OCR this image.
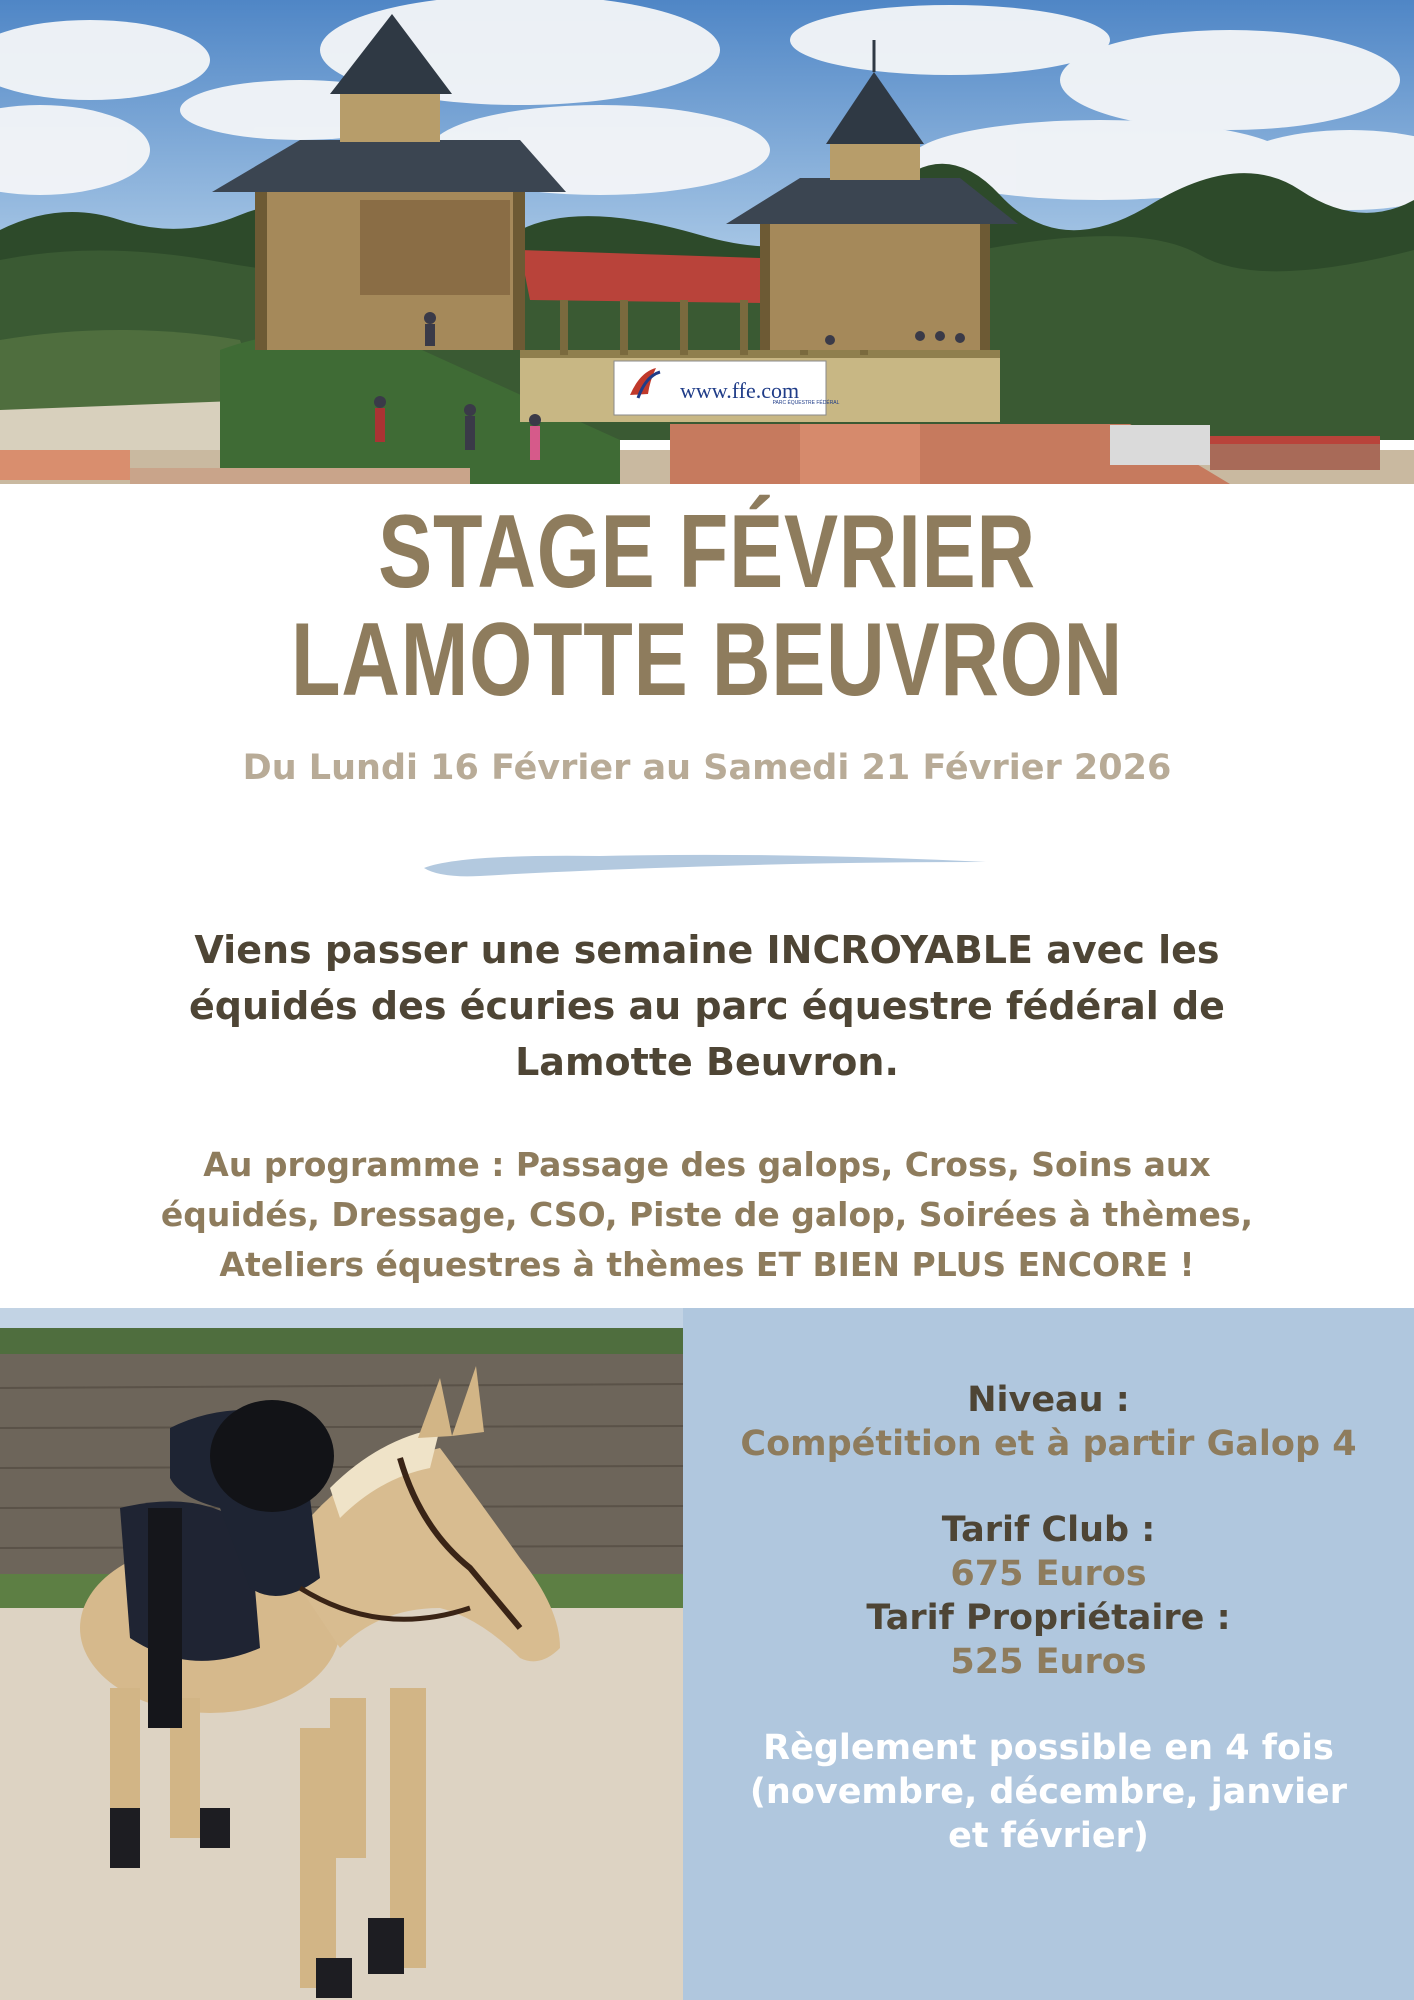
www.ffe.com
PARC ÉQUESTRE FÉDÉRAL
STAGE FÉVRIER
LAMOTTE BEUVRON
Du Lundi 16 Février au Samedi 21 Février 2026
Viens passer une semaine INCROYABLE avec les équidés des écuries au parc équestre fédéral de Lamotte Beuvron.
Au programme : Passage des galops, Cross, Soins aux équidés, Dressage, CSO, Piste de galop, Soirées à thèmes, Ateliers équestres à thèmes ET BIEN PLUS ENCORE !
Niveau :
Compétition et à partir Galop 4
Tarif Club :
675 Euros
Tarif Propriétaire :
525 Euros
Règlement possible en 4 fois
(novembre, décembre, janvier
et février)
